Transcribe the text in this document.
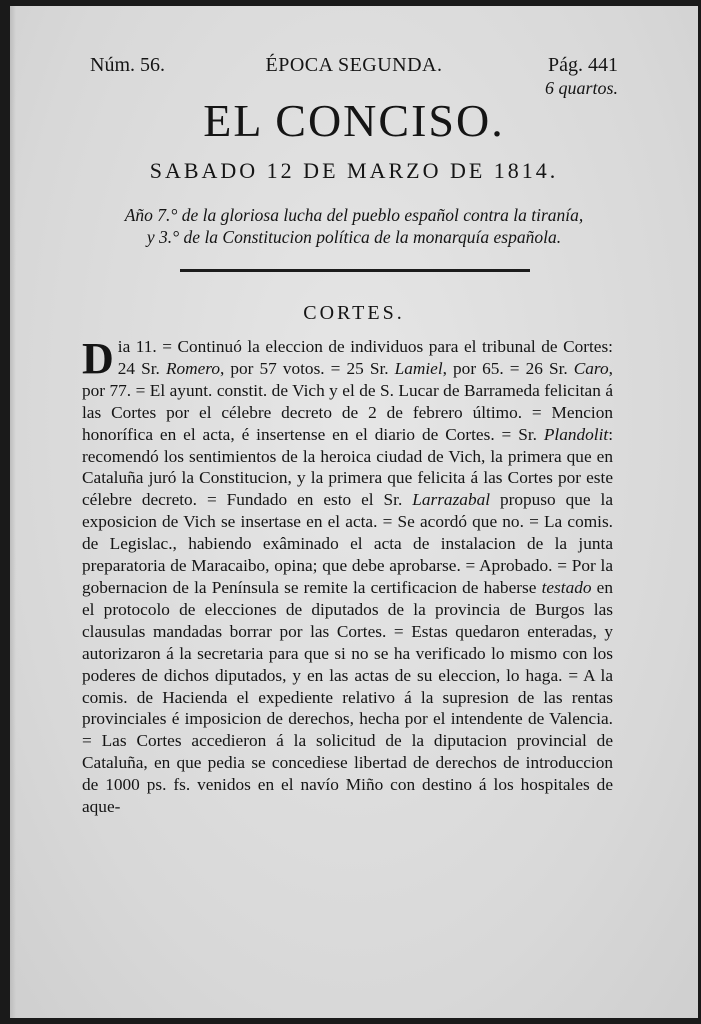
Núm. 56.	ÉPOCA SEGUNDA.	Pág. 441
6 quartos.
EL CONCISO.
SABADO 12 DE MARZO DE 1814.
Año 7.° de la gloriosa lucha del pueblo español contra la tiranía,
y 3.° de la Constitucion política de la monarquía española.
CORTES.
Dia 11. = Continuó la eleccion de individuos para el tribunal de Cortes: 24 Sr. Romero, por 57 votos. = 25 Sr. Lamiel, por 65. = 26 Sr. Caro, por 77. = El ayunt. constit. de Vich y el de S. Lucar de Barrameda felicitan á las Cortes por el célebre decreto de 2 de febrero último. = Mencion honorífica en el acta, é insertense en el diario de Cortes. = Sr. Plandolit: recomendó los sentimientos de la heroica ciudad de Vich, la primera que en Cataluña juró la Constitucion, y la primera que felicita á las Cortes por este célebre decreto. = Fundado en esto el Sr. Larrazabal propuso que la exposicion de Vich se insertase en el acta. = Se acordó que no. = La comis. de Legislac., habiendo exâminado el acta de instalacion de la junta preparatoria de Maracaibo, opina; que debe aprobarse. = Aprobado. = Por la gobernacion de la Península se remite la certificacion de haberse testado en el protocolo de elecciones de diputados de la provincia de Burgos las clausulas mandadas borrar por las Cortes. = Estas quedaron enteradas, y autorizaron á la secretaria para que si no se ha verificado lo mismo con los poderes de dichos diputados, y en las actas de su eleccion, lo haga. = A la comis. de Hacienda el expediente relativo á la supresion de las rentas provinciales é imposicion de derechos, hecha por el intendente de Valencia. = Las Cortes accedieron á la solicitud de la diputacion provincial de Cataluña, en que pedia se concediese libertad de derechos de introduccion de 1000 ps. fs. venidos en el navío Miño con destino á los hospitales de aque-
